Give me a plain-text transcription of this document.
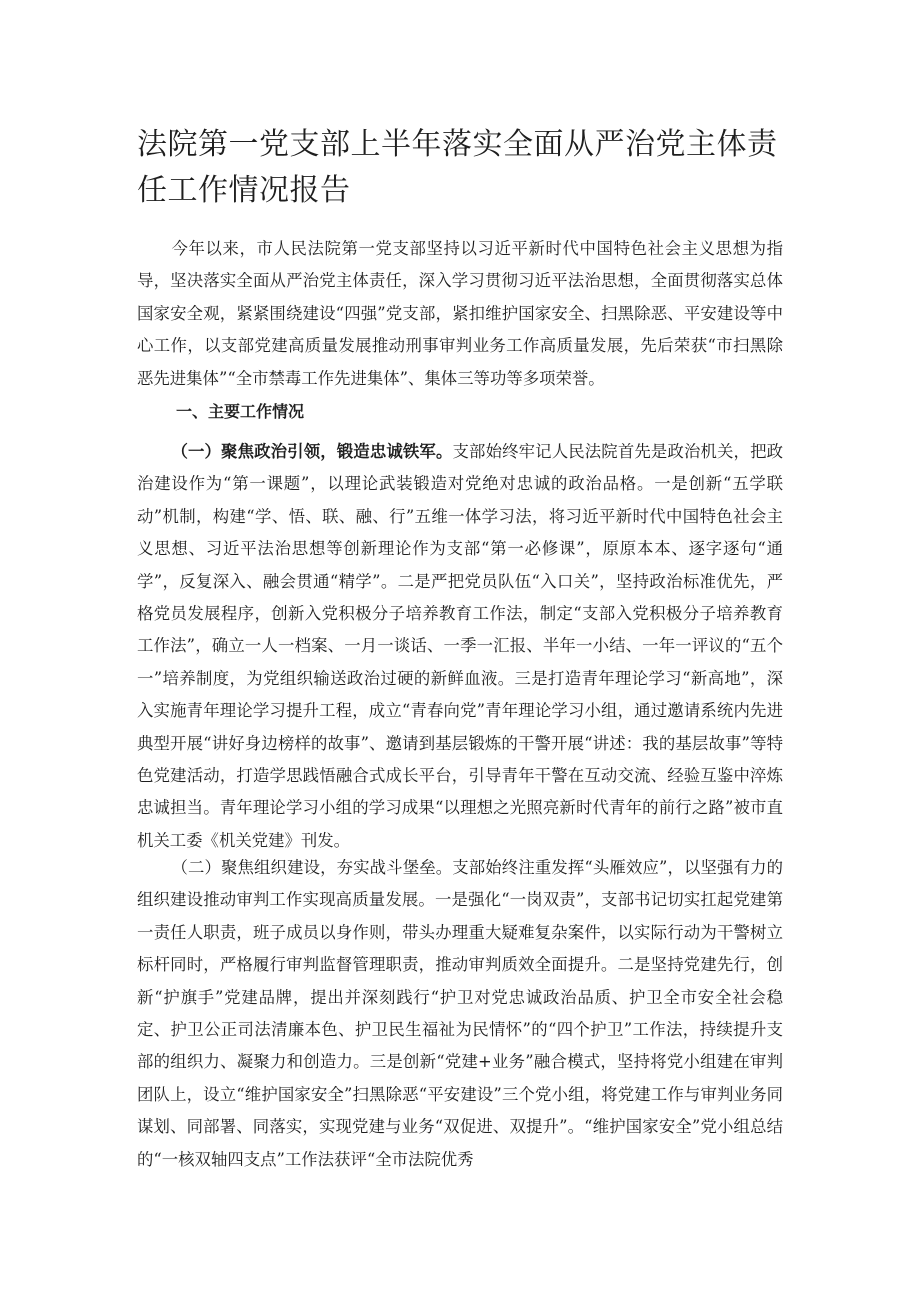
法院第一党支部上半年落实全面从严治党主体责任工作情况报告

今年以来，市人民法院第一党支部坚持以习近平新时代中国特色社会主义思想为指导，坚决落实全面从严治党主体责任，深入学习贯彻习近平法治思想，全面贯彻落实总体国家安全观，紧紧围绕建设“四强”党支部，紧扣维护国家安全、扫黑除恶、平安建设等中心工作，以支部党建高质量发展推动刑事审判业务工作高质量发展，先后荣获“市扫黑除恶先进集体”“全市禁毒工作先进集体”、集体三等功等多项荣誉。

一、主要工作情况

（一）聚焦政治引领，锻造忠诚铁军。支部始终牢记人民法院首先是政治机关，把政治建设作为“第一课题”，以理论武装锻造对党绝对忠诚的政治品格。一是创新“五学联动”机制，构建“学、悟、联、融、行”五维一体学习法，将习近平新时代中国特色社会主义思想、习近平法治思想等创新理论作为支部“第一必修课”，原原本本、逐字逐句“通学”，反复深入、融会贯通“精学”。二是严把党员队伍“入口关”，坚持政治标准优先，严格党员发展程序，创新入党积极分子培养教育工作法，制定“支部入党积极分子培养教育工作法”，确立一人一档案、一月一谈话、一季一汇报、半年一小结、一年一评议的“五个一”培养制度，为党组织输送政治过硬的新鲜血液。三是打造青年理论学习“新高地”，深入实施青年理论学习提升工程，成立“青春向党”青年理论学习小组，通过邀请系统内先进典型开展“讲好身边榜样的故事”、邀请到基层锻炼的干警开展“讲述：我的基层故事”等特色党建活动，打造学思践悟融合式成长平台，引导青年干警在互动交流、经验互鉴中淬炼忠诚担当。青年理论学习小组的学习成果“以理想之光照亮新时代青年的前行之路”被市直机关工委《机关党建》刊发。

（二）聚焦组织建设，夯实战斗堡垒。支部始终注重发挥“头雁效应”，以坚强有力的组织建设推动审判工作实现高质量发展。一是强化“一岗双责”，支部书记切实扛起党建第一责任人职责，班子成员以身作则，带头办理重大疑难复杂案件，以实际行动为干警树立标杆同时，严格履行审判监督管理职责，推动审判质效全面提升。二是坚持党建先行，创新“护旗手”党建品牌，提出并深刻践行“护卫对党忠诚政治品质、护卫全市安全社会稳定、护卫公正司法清廉本色、护卫民生福祉为民情怀”的“四个护卫”工作法，持续提升支部的组织力、凝聚力和创造力。三是创新“党建+业务”融合模式，坚持将党小组建在审判团队上，设立“维护国家安全”扫黑除恶“平安建设”三个党小组，将党建工作与审判业务同谋划、同部署、同落实，实现党建与业务“双促进、双提升”。“维护国家安全”党小组总结的“一核双轴四支点”工作法获评“全市法院优秀
